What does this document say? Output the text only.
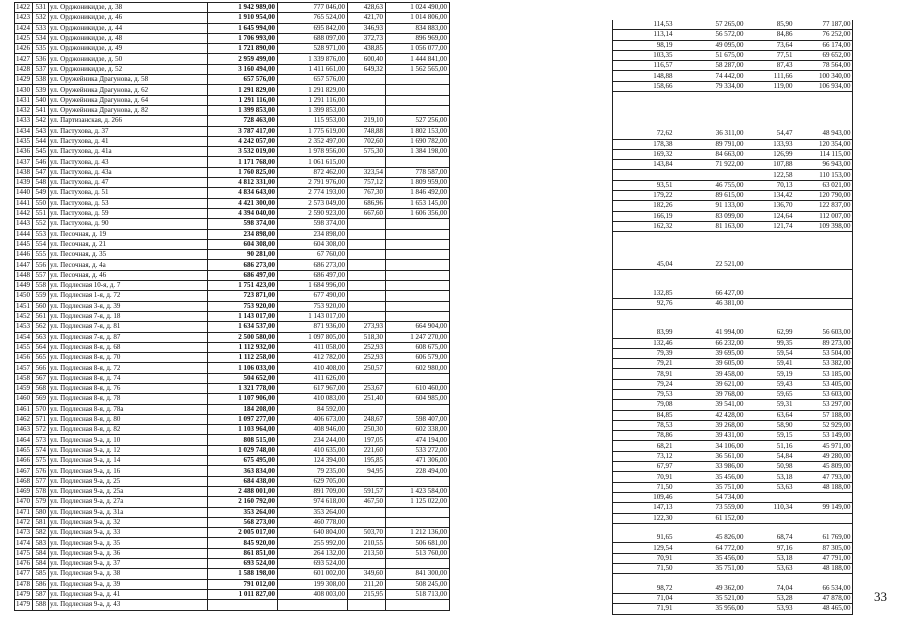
1422	531	ул. Орджоникидзе, д. 38	1 942 989,00	777 046,00	428,63	1 024 490,00
1423	532	ул. Орджоникидзе, д. 46	1 910 954,00	765 524,00	421,70	1 014 806,00
1424	533	ул. Орджоникидзе, д. 44	1 645 994,00	695 842,00	346,93	834 883,00
1425	534	ул. Орджоникидзе, д. 48	1 706 993,00	688 097,00	372,73	896 969,00
1426	535	ул. Орджоникидзе, д. 49	1 721 890,00	528 971,00	438,85	1 056 077,00
1427	536	ул. Орджоникидзе, д. 50	2 959 499,00	1 339 876,00	600,40	1 444 841,00
1428	537	ул. Орджоникидзе, д. 52	3 160 494,00	1 411 661,00	649,32	1 562 565,00
1429	538	ул. Оружейника Драгунова, д. 58	657 576,00	657 576,00		
1430	539	ул. Оружейника Драгунова, д. 62	1 291 829,00	1 291 829,00		
1431	540	ул. Оружейника Драгунова, д. 64	1 291 116,00	1 291 116,00		
1432	541	ул. Оружейника Драгунова, д. 82	1 399 853,00	1 399 853,00		
1433	542	ул. Партизанская, д. 266	728 463,00	115 953,00	219,10	527 256,00
1434	543	ул. Пастухова, д. 37	3 787 417,00	1 775 619,00	748,88	1 802 153,00
1435	544	ул. Пастухова, д. 41	4 242 057,00	2 352 497,00	702,60	1 690 782,00
1436	545	ул. Пастухова, д. 41а	3 532 019,00	1 978 956,00	575,30	1 384 198,00
1437	546	ул. Пастухова, д. 43	1 171 768,00	1 061 615,00		
1438	547	ул. Пастухова, д. 43а	1 760 825,00	872 462,00	323,54	778 587,00
1439	548	ул. Пастухова, д. 47	4 812 331,00	2 791 976,00	757,12	1 809 959,00
1440	549	ул. Пастухова, д. 51	4 834 643,00	2 774 193,00	767,30	1 846 492,00
1441	550	ул. Пастухова, д. 53	4 421 300,00	2 573 049,00	686,96	1 653 145,00
1442	551	ул. Пастухова, д. 59	4 394 040,00	2 590 923,00	667,60	1 606 356,00
1443	552	ул. Пастухова, д. 90	598 374,00	598 374,00		
1444	553	ул. Песочная, д. 19	234 898,00	234 898,00		
1445	554	ул. Песочная, д. 21	604 308,00	604 308,00		
1446	555	ул. Песочная, д. 35	90 281,00	67 760,00		
1447	556	ул. Песочная, д. 4а	686 273,00	686 273,00		
1448	557	ул. Песочная, д. 46	686 497,00	686 497,00		
1449	558	ул. Подлесная 10-я, д. 7	1 751 423,00	1 684 996,00		
1450	559	ул. Подлесная 1-я, д. 72	723 871,00	677 490,00		
1451	560	ул. Подлесная 3-я, д. 39	753 920,00	753 920,00		
1452	561	ул. Подлесная 7-я, д. 18	1 143 017,00	1 143 017,00		
1453	562	ул. Подлесная 7-я, д. 81	1 634 537,00	871 936,00	273,93	664 904,00
1454	563	ул. Подлесная 7-я, д. 87	2 500 580,00	1 097 805,00	518,30	1 247 270,00
1455	564	ул. Подлесная 8-я, д. 68	1 112 932,00	411 058,00	252,93	608 675,00
1456	565	ул. Подлесная 8-я, д. 70	1 112 258,00	412 782,00	252,93	606 579,00
1457	566	ул. Подлесная 8-я, д. 72	1 106 033,00	410 408,00	250,57	602 980,00
1458	567	ул. Подлесная 8-я, д. 74	504 652,00	411 626,00		
1459	568	ул. Подлесная 8-я, д. 76	1 321 778,00	617 967,00	253,67	610 460,00
1460	569	ул. Подлесная 8-я, д. 78	1 107 906,00	410 083,00	251,40	604 985,00
1461	570	ул. Подлесная 8-я, д. 78а	184 208,00	84 592,00		
1462	571	ул. Подлесная 8-я, д. 80	1 097 277,00	406 673,00	248,67	598 407,00
1463	572	ул. Подлесная 8-я, д. 82	1 103 964,00	408 946,00	250,30	602 338,00
1464	573	ул. Подлесная 9-а, д. 10	808 515,00	234 244,00	197,05	474 194,00
1465	574	ул. Подлесная 9-а, д. 12	1 029 748,00	410 635,00	221,60	533 272,00
1466	575	ул. Подлесная 9-а, д. 14	675 495,00	124 394,00	195,85	471 306,00
1467	576	ул. Подлесная 9-а, д. 16	363 834,00	79 235,00	94,95	228 494,00
1468	577	ул. Подлесная 9-а, д. 25	684 438,00	629 705,00		
1469	578	ул. Подлесная 9-а, д. 25а	2 488 001,00	891 709,00	591,57	1 423 584,00
1470	579	ул. Подлесная 9-а, д. 27а	2 160 792,00	974 618,00	467,50	1 125 022,00
1471	580	ул. Подлесная 9-а, д. 31а	353 264,00	353 264,00		
1472	581	ул. Подлесная 9-а, д. 32	568 273,00	460 778,00		
1473	582	ул. Подлесная 9-а, д. 33	2 005 017,00	640 804,00	503,70	1 212 136,00
1474	583	ул. Подлесная 9-а, д. 35	845 920,00	255 992,00	210,55	506 681,00
1475	584	ул. Подлесная 9-а, д. 36	861 851,00	264 132,00	213,50	513 760,00
1476	584	ул. Подлесная 9-а, д. 37	693 524,00	693 524,00		
1477	585	ул. Подлесная 9-а, д. 38	1 588 198,00	601 002,00	349,60	841 300,00
1478	586	ул. Подлесная 9-а, д. 39	791 012,00	199 308,00	211,20	508 245,00
1479	587	ул. Подлесная 9-а, д. 41	1 011 827,00	408 003,00	215,95	518 713,00
1479	588	ул. Подлесная 9-а, д. 43				
114,53	57 265,00	85,90	77 187,00
113,14	56 572,00	84,86	76 252,00
98,19	49 095,00	73,64	66 174,00
103,35	51 675,00	77,51	69 652,00
116,57	58 287,00	87,43	78 564,00
148,88	74 442,00	111,66	100 340,00
158,66	79 334,00	119,00	106 934,00

72,62	36 311,00	54,47	48 943,00
178,38	89 791,00	133,93	120 354,00
169,32	84 663,00	126,99	114 115,00
143,84	71 922,00	107,88	96 943,00
		122,58	110 153,00
93,51	46 755,00	70,13	63 021,00
179,22	89 615,00	134,42	120 790,00
182,26	91 133,00	136,70	122 837,00
166,19	83 099,00	124,64	112 007,00
162,32	81 163,00	121,74	109 398,00

45,04	22 521,00		

132,85	66 427,00		
92,76	46 381,00		

83,99	41 994,00	62,99	56 603,00
132,46	66 232,00	99,35	89 273,00
79,39	39 695,00	59,54	53 504,00
79,21	39 605,00	59,41	53 382,00
78,91	39 458,00	59,19	53 185,00
79,24	39 621,00	59,43	53 405,00
79,53	39 768,00	59,65	53 603,00
79,08	39 541,00	59,31	53 297,00
84,85	42 428,00	63,64	57 188,00
78,53	39 268,00	58,90	52 929,00
78,86	39 431,00	59,15	53 149,00
68,21	34 106,00	51,16	45 971,00
73,12	36 561,00	54,84	49 280,00
67,97	33 986,00	50,98	45 809,00
70,91	35 456,00	53,18	47 793,00
71,50	35 751,00	53,63	48 188,00
109,46	54 734,00		
147,13	73 559,00	110,34	99 149,00
122,30	61 152,00		

91,65	45 826,00	68,74	61 769,00
129,54	64 772,00	97,16	87 305,00
70,91	35 456,00	53,18	47 791,00
71,50	35 751,00	53,63	48 188,00

98,72	49 362,00	74,04	66 534,00
71,04	35 521,00	53,28	47 878,00
71,91	35 956,00	53,93	48 465,00
33
